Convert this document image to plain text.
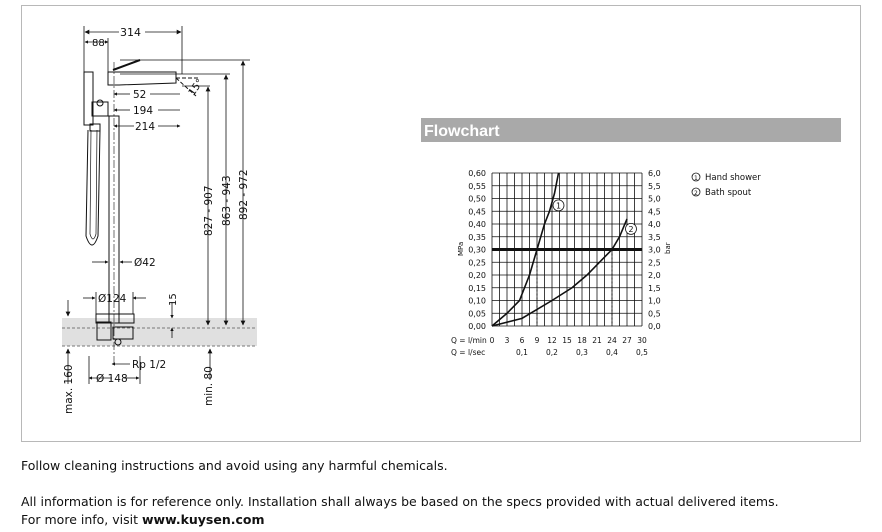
314
88
52
194
214
15°
827 - 907 863 - 943 892 - 972
Ø42
Ø124	15
Rp 1/2
Ø 148
max. 160	min. 80
Flowchart
0,60
0,55
0,50
0,45
0,40
0,35
0,30
0,25
0,20
0,15
0,10
0,05
0,00
6,0
5,5
5,0
4,5
4,0
3,5
3,0
2,5
2,0
1,5
1,0
0,5
0,0
0 3 6 9 12 15 18 21 24 27 30
0,1 0,2 0,3 0,4 0,5
1
2
MPa	bar
Q = l/min
Q = l/sec
1 Hand shower
2 Bath spout
Follow cleaning instructions and avoid using any harmful chemicals.
All information is for reference only. Installation shall always be based on the specs provided with actual delivered items.
For more info, visit www.kuysen.com
